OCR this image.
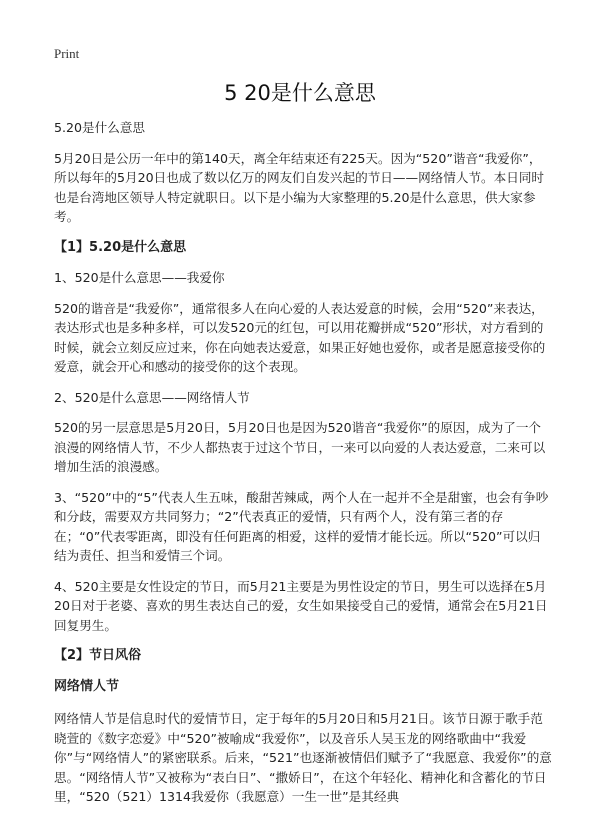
Print
5 20是什么意思

5.20是什么意思

5月20日是公历一年中的第140天，离全年结束还有225天。因为“520”谐音“我爱你”，所以每年的5月20日也成了数以亿万的网友们自发兴起的节日——网络情人节。本日同时也是台湾地区领导人特定就职日。以下是小编为大家整理的5.20是什么意思，供大家参考。

【1】5.20是什么意思

1、520是什么意思——我爱你

520的谐音是“我爱你”，通常很多人在向心爱的人表达爱意的时候，会用“520”来表达，表达形式也是多种多样，可以发520元的红包，可以用花瓣拼成“520”形状，对方看到的时候，就会立刻反应过来，你在向她表达爱意，如果正好她也爱你，或者是愿意接受你的爱意，就会开心和感动的接受你的这个表现。

2、520是什么意思——网络情人节

520的另一层意思是5月20日，5月20日也是因为520谐音“我爱你”的原因，成为了一个浪漫的网络情人节，不少人都热衷于过这个节日，一来可以向爱的人表达爱意，二来可以增加生活的浪漫感。

3、“520”中的“5”代表人生五味，酸甜苦辣咸，两个人在一起并不全是甜蜜，也会有争吵和分歧，需要双方共同努力；“2”代表真正的爱情，只有两个人，没有第三者的存在；“0”代表零距离，即没有任何距离的相爱，这样的爱情才能长远。所以“520”可以归结为责任、担当和爱情三个词。

4、520主要是女性设定的节日，而5月21主要是为男性设定的节日，男生可以选择在5月20日对于老婆、喜欢的男生表达自己的爱，女生如果接受自己的爱情，通常会在5月21日回复男生。

【2】节日风俗

网络情人节

网络情人节是信息时代的爱情节日，定于每年的5月20日和5月21日。该节日源于歌手范晓萱的《数字恋爱》中“520”被喻成“我爱你”，以及音乐人吴玉龙的网络歌曲中“我爱你”与“网络情人”的紧密联系。后来，“521”也逐渐被情侣们赋予了“我愿意、我爱你”的意思。“网络情人节”又被称为“表白日”、“撒娇日”，在这个年轻化、精神化和含蓄化的节日里，“520（521）1314我爱你（我愿意）一生一世”是其经典
